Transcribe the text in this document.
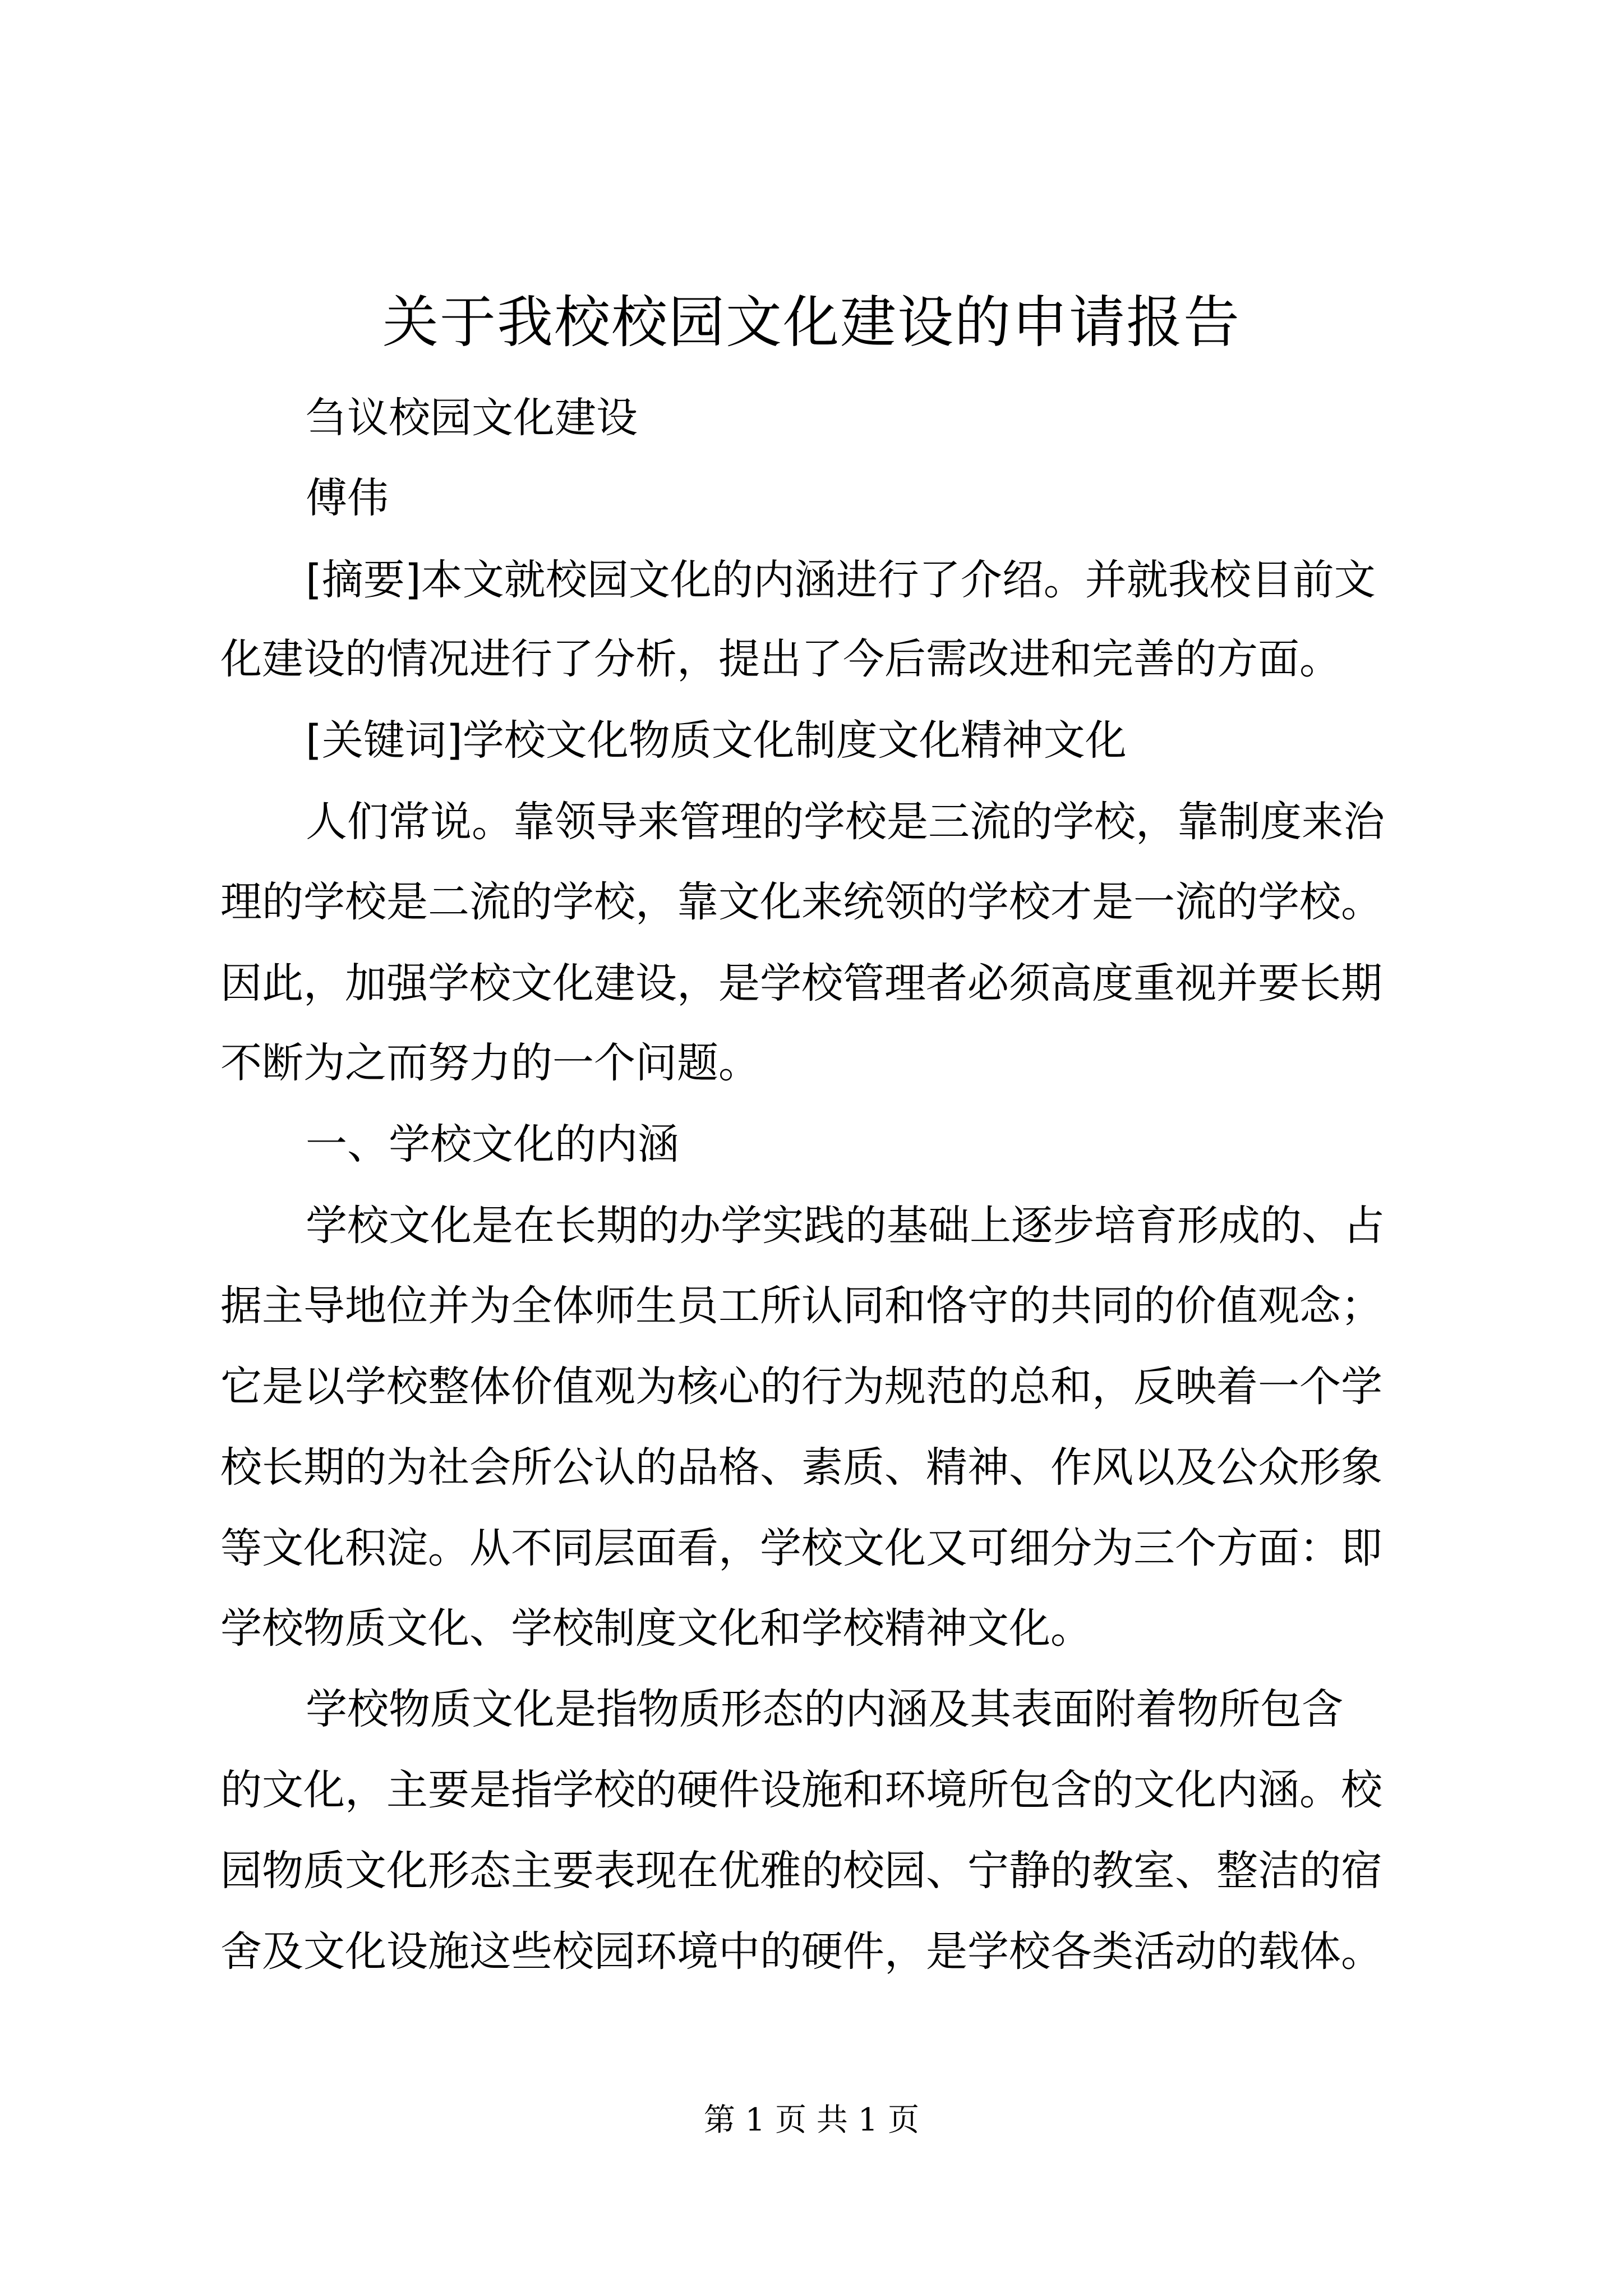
关于我校校园文化建设的申请报告

刍议校园文化建设

傅伟

[摘要]本文就校园文化的内涵进行了介绍。并就我校目前文

化建设的情况进行了分析，提出了今后需改进和完善的方面。

[关键词]学校文化物质文化制度文化精神文化

人们常说。靠领导来管理的学校是三流的学校，靠制度来治

理的学校是二流的学校，靠文化来统领的学校才是一流的学校。

因此，加强学校文化建设，是学校管理者必须高度重视并要长期

不断为之而努力的一个问题。

一、学校文化的内涵

学校文化是在长期的办学实践的基础上逐步培育形成的、占

据主导地位并为全体师生员工所认同和恪守的共同的价值观念；

它是以学校整体价值观为核心的行为规范的总和，反映着一个学

校长期的为社会所公认的品格、素质、精神、作风以及公众形象

等文化积淀。从不同层面看，学校文化又可细分为三个方面：即

学校物质文化、学校制度文化和学校精神文化。

学校物质文化是指物质形态的内涵及其表面附着物所包含

的文化，主要是指学校的硬件设施和环境所包含的文化内涵。校

园物质文化形态主要表现在优雅的校园、宁静的教室、整洁的宿

舍及文化设施这些校园环境中的硬件，是学校各类活动的载体。

第 1 页 共 1 页
